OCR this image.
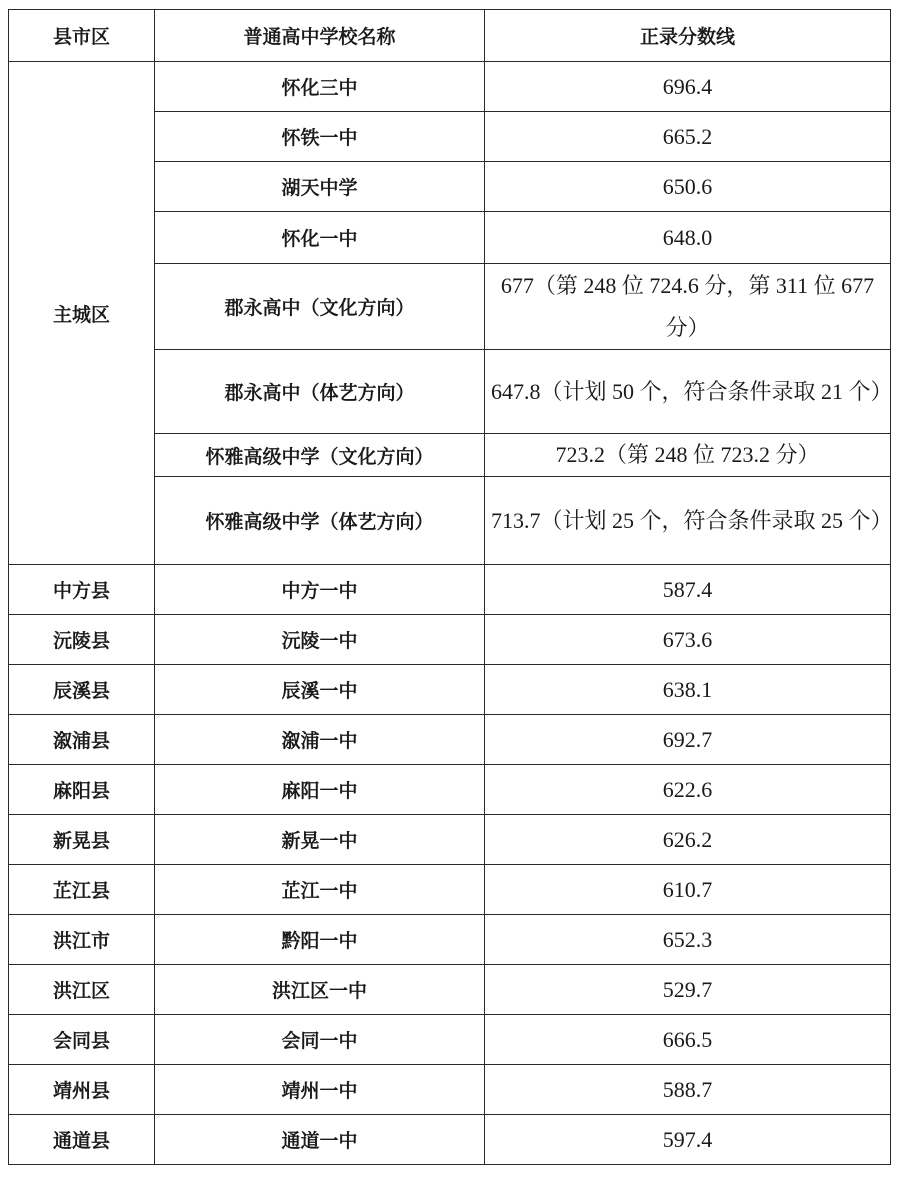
县市区	普通高中学校名称	正录分数线
主城区	怀化三中	696.4
	怀铁一中	665.2
	湖天中学	650.6
	怀化一中	648.0
	郡永高中（文化方向）	677（第 248 位 724.6 分，第 311 位 677 分）
	郡永高中（体艺方向）	647.8（计划 50 个，符合条件录取 21 个）
	怀雅高级中学（文化方向）	723.2（第 248 位 723.2 分）
	怀雅高级中学（体艺方向）	713.7（计划 25 个，符合条件录取 25 个）
中方县	中方一中	587.4
沅陵县	沅陵一中	673.6
辰溪县	辰溪一中	638.1
溆浦县	溆浦一中	692.7
麻阳县	麻阳一中	622.6
新晃县	新晃一中	626.2
芷江县	芷江一中	610.7
洪江市	黔阳一中	652.3
洪江区	洪江区一中	529.7
会同县	会同一中	666.5
靖州县	靖州一中	588.7
通道县	通道一中	597.4
